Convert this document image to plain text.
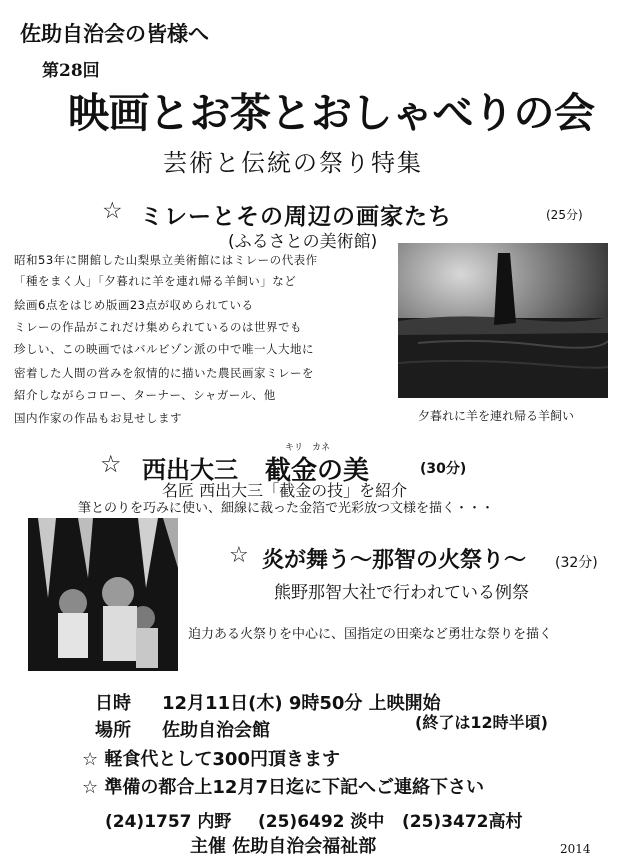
佐助自治会の皆様へ
第28回
映画とお茶とおしゃべりの会
芸術と伝統の祭り特集
☆ ミレーとその周辺の画家たち	(25分)
(ふるさとの美術館)
昭和53年に開館した山梨県立美術館にはミレーの代表作
「種をまく人」「夕暮れに羊を連れ帰る羊飼い」など
絵画6点をはじめ版画23点が収められている
ミレーの作品がこれだけ集められているのは世界でも
珍しい、この映画ではバルビゾン派の中で唯一人大地に
密着した人間の営みを叙情的に描いた農民画家ミレーを
紹介しながらコロー、ターナー、シャガール、他
国内作家の作品もお見せします	夕暮れに羊を連れ帰る羊飼い
キリ　カネ
☆ 西出大三 截金の美	(30分)
名匠 西出大三「截金の技」を紹介
筆とのりを巧みに使い、細線に裁った金箔で光彩放つ文様を描く・・・
☆ 炎が舞う～那智の火祭り～ (32分)
熊野那智大社で行われている例祭
迫力ある火祭りを中心に、国指定の田楽など勇壮な祭りを描く
日時 12月11日(木) 9時50分 上映開始
場所 佐助自治会館	(終了は12時半頃)
☆ 軽食代として300円頂きます
☆ 準備の都合上12月7日迄に下記へご連絡下さい
(24)1757 内野 (25)6492 淡中 (25)3472高村
主催 佐助自治会福祉部	2014
